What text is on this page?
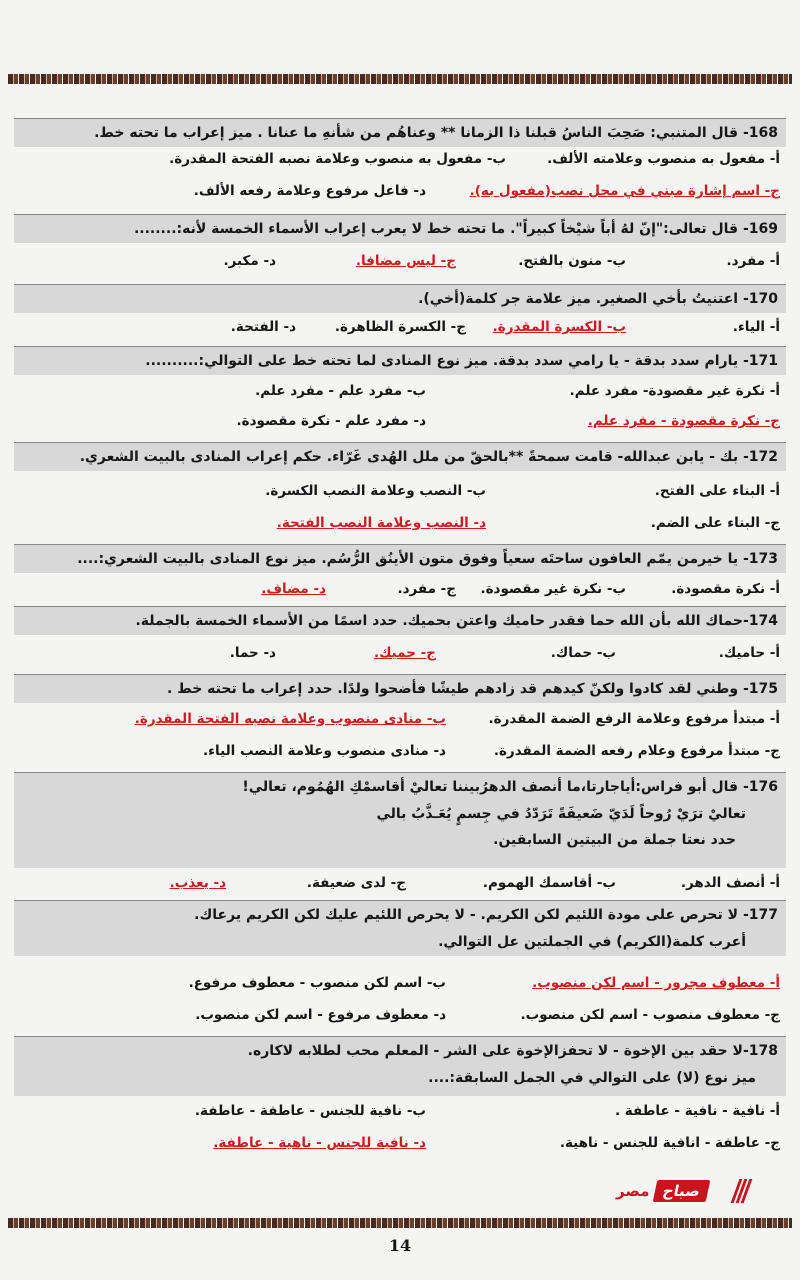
168- قال المتنبي: صَحِبَ الناسُ قبلنا ذا الزمانا ** وعناهُم من شأنهِ ما عنانا . ميز إعراب ما تحته خط.
أ- مفعول به منصوب وعلامته الألف.
ب- مفعول به منصوب وعلامة نصبه الفتحة المقدرة.
ج- اسم إشارة مبني في محل نصب(مفعول به).
د- فاعل مرفوع وعلامة رفعه الألف.
169- قال تعالى:"إنّ لهُ أباً شيْخاً كبيراً". ما تحته خط لا يعرب إعراب الأسماء الخمسة لأنه:........
أ- مفرد.
ب- منون بالفتح.
ج- ليس مضافا.
د- مكبر.
170- اعتنيتُ بأخي الصغير. ميز علامة جر كلمة(أخي).
أ- الياء.
ب- الكسرة المقدرة.
ج- الكسرة الظاهرة.
د- الفتحة.
171- يارام سدد بدقة - يا رامي سدد بدقة. ميز نوع المنادى لما تحته خط على التوالي:..........
أ- نكرة غير مقصودة- مفرد علم.
ب- مفرد علم - مفرد علم.
ج- نكرة مقصودة - مفرد علم.
د- مفرد علم - نكرة مقصودة.
172- بك - يابن عبدالله- قامت سمحةً **بالحقّ من ملل الهُدى غَرّاء. حكم إعراب المنادى بالبيت الشعري.
أ- البناء على الفتح.
ب- النصب وعلامة النصب الكسرة.
ج- البناء على الضم.
د- النصب وعلامة النصب الفتحة.
173- يا خيرمن يمّم العافون ساحتَه سعياً وفوق متون الأينُق الرُّسُم. ميز نوع المنادى بالبيت الشعري:....
أ- نكرة مقصودة.
ب- نكرة غير مقصودة.
ج- مفرد.
د- مضاف.
174-حماك الله بأن الله حما فقدر حاميك واعتن بحميك. حدد اسمًا من الأسماء الخمسة بالجملة.
أ- حاميك.
ب- حماك.
ج- حميك.
د- حما.
175- وطني لقد كادوا ولكنّ كيدهم قد زادهم طيشًا فأضحوا ولدًا. حدد إعراب ما تحته خط .
أ- مبتدأ مرفوع وعلامة الرفع الضمة المقدرة.
ب- منادى منصوب وعلامة نصبه الفتحة المقدرة.
ج- مبتدأ مرفوع وعلام رفعه الضمة المقدرة.
د- منادى منصوب وعلامة النصب الياء.
176- قال أبو فراس:أياجارتا،ما أنصف الدهرُبيننا تعاليْ أقاسمْكِ الهُمُوم، تعالي!
تعاليْ ترَيْ رُوحاً لَدَيّ ضَعيفَةً تَرَدّدُ في جِسمٍ يُعَـذَّبُ بالي
حدد نعتا جملة من البيتين السابقين.
أ- أنصف الدهر.
ب- أقاسمك الهموم.
ج- لدى ضعيفة.
د- يعذب.
177- لا تحرص على مودة اللئيم لكن الكريم. - لا يحرص اللئيم عليك لكن الكريم يرعاك.
أعرب كلمة(الكريم) في الجملتين عل التوالي.
أ- معطوف مجرور - اسم لكن منصوب.
ب- اسم لكن منصوب - معطوف مرفوع.
ج- معطوف منصوب - اسم لكن منصوب.
د- معطوف مرفوع - اسم لكن منصوب.
178-لا حقد بين الإخوة - لا تحفزالإخوة على الشر - المعلم محب لطلابه لاكاره.
ميز نوع (لا) على التوالي في الجمل السابقة:....
أ- نافية - نافية - عاطفة .
ب- نافية للجنس - عاطفة - عاطفة.
ج- عاطفة - انافية للجنس - ناهية.
د- نافية للجنس - ناهية - عاطفة.
مصر صباح
14
